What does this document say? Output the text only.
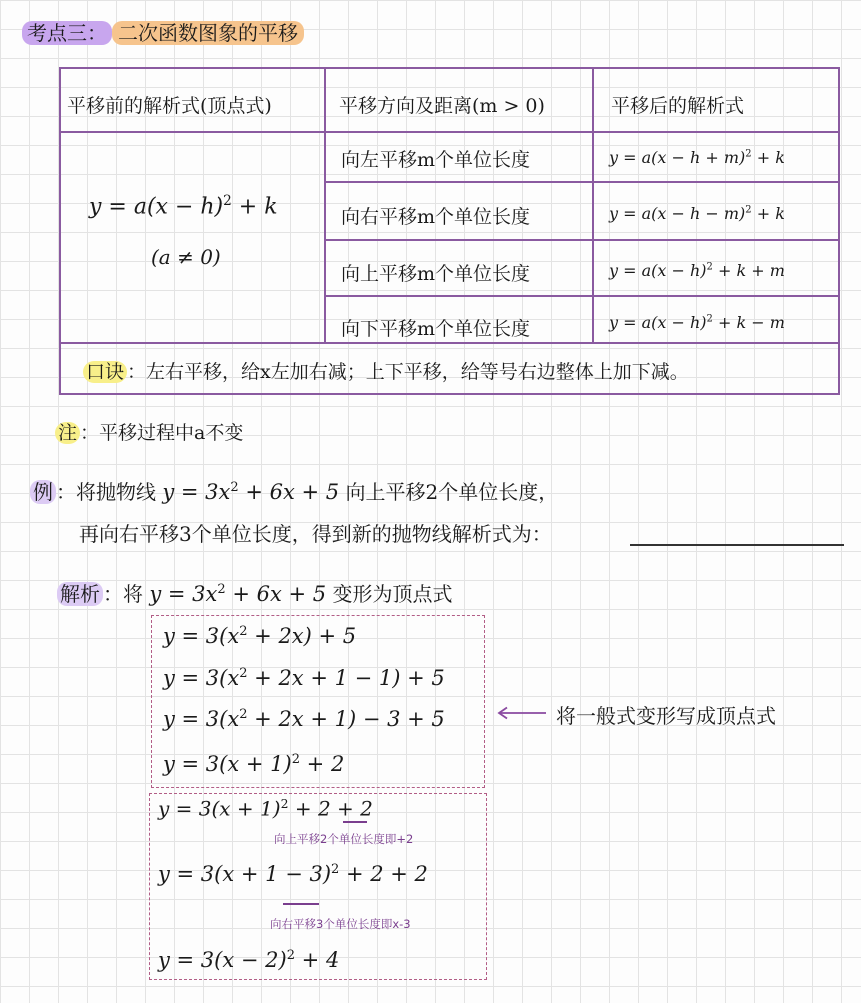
考点三： 二次函数图象的平移
平移前的解析式(顶点式)	平移方向及距离(m > 0)	平移后的解析式
$y = a(x - h)^2 + k$
(a ≠ 0)
向左平移m个单位长度	$y = a(x - h + m)^2 + k$
向右平移m个单位长度	$y = a(x - h - m)^2 + k$
向上平移m个单位长度	$y = a(x - h)^2 + k + m$
向下平移m个单位长度	$y = a(x - h)^2 + k - m$
口诀 ：左右平移，给x左加右减；上下平移，给等号右边整体上加下减。
注 ：平移过程中a不变
例 ：将抛物线 $y = 3x^2 + 6x + 5$ 向上平移2个单位长度，
再向右平移3个单位长度，得到新的抛物线解析式为：
解析 ：将 $y = 3x^2 + 6x + 5$ 变形为顶点式
$y = 3(x^2 + 2x) + 5$
$y = 3(x^2 + 2x + 1 - 1) + 5$
$y = 3(x^2 + 2x + 1) - 3 + 5$
$y = 3(x + 1)^2 + 2$
将一般式变形写成顶点式
$y = 3(x + 1)^2 + 2 + 2$
向上平移2个单位长度即+2
$y = 3(x + 1 - 3)^2 + 2 + 2$
向右平移3个单位长度即x-3
$y = 3(x - 2)^2 + 4$
